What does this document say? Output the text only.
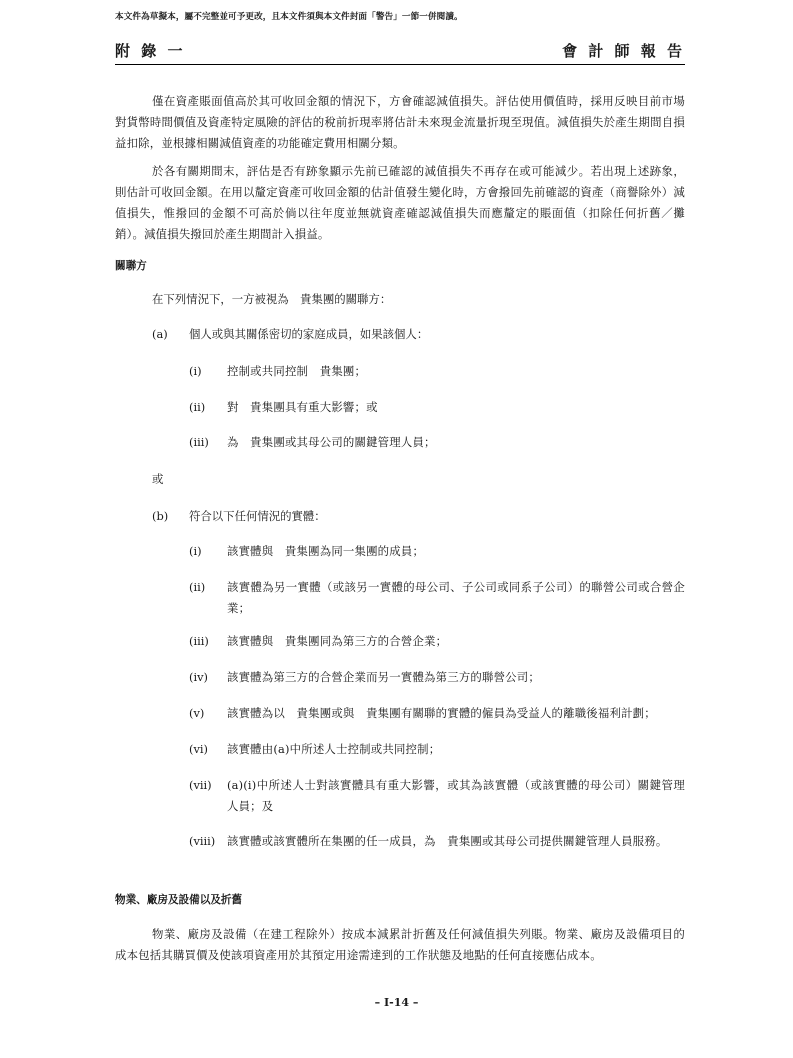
本文件為草擬本，屬不完整並可予更改，且本文件須與本文件封面「警告」一節一併閱讀。
附 錄 一	會 計 師 報 告
僅在資產賬面值高於其可收回金額的情況下，方會確認減值損失。評估使用價值時，採用反映目前市場對貨幣時間價值及資產特定風險的評估的稅前折現率將估計未來現金流量折現至現值。減值損失於產生期間自損益扣除，並根據相關減值資產的功能確定費用相關分類。
於各有關期間末，評估是否有跡象顯示先前已確認的減值損失不再存在或可能減少。若出現上述跡象，則估計可收回金額。在用以釐定資產可收回金額的估計值發生變化時，方會撥回先前確認的資產（商譽除外）減值損失，惟撥回的金額不可高於倘以往年度並無就資產確認減值損失而應釐定的賬面值（扣除任何折舊／攤銷）。減值損失撥回於產生期間計入損益。
關聯方
在下列情況下，一方被視為　貴集團的關聯方：
(a) 個人或與其關係密切的家庭成員，如果該個人：
(i) 控制或共同控制　貴集團；
(ii) 對　貴集團具有重大影響；或
(iii) 為　貴集團或其母公司的關鍵管理人員；
或
(b) 符合以下任何情況的實體：
(i) 該實體與　貴集團為同一集團的成員；
(ii) 該實體為另一實體（或該另一實體的母公司、子公司或同系子公司）的聯營公司或合營企業；
(iii) 該實體與　貴集團同為第三方的合營企業；
(iv) 該實體為第三方的合營企業而另一實體為第三方的聯營公司；
(v) 該實體為以　貴集團或與　貴集團有關聯的實體的僱員為受益人的離職後福利計劃；
(vi) 該實體由(a)中所述人士控制或共同控制；
(vii) (a)(i)中所述人士對該實體具有重大影響，或其為該實體（或該實體的母公司）關鍵管理人員；及
(viii) 該實體或該實體所在集團的任一成員，為　貴集團或其母公司提供關鍵管理人員服務。
物業、廠房及設備以及折舊
物業、廠房及設備（在建工程除外）按成本減累計折舊及任何減值損失列賬。物業、廠房及設備項目的成本包括其購買價及使該項資產用於其預定用途需達到的工作狀態及地點的任何直接應佔成本。
– I-14 –
